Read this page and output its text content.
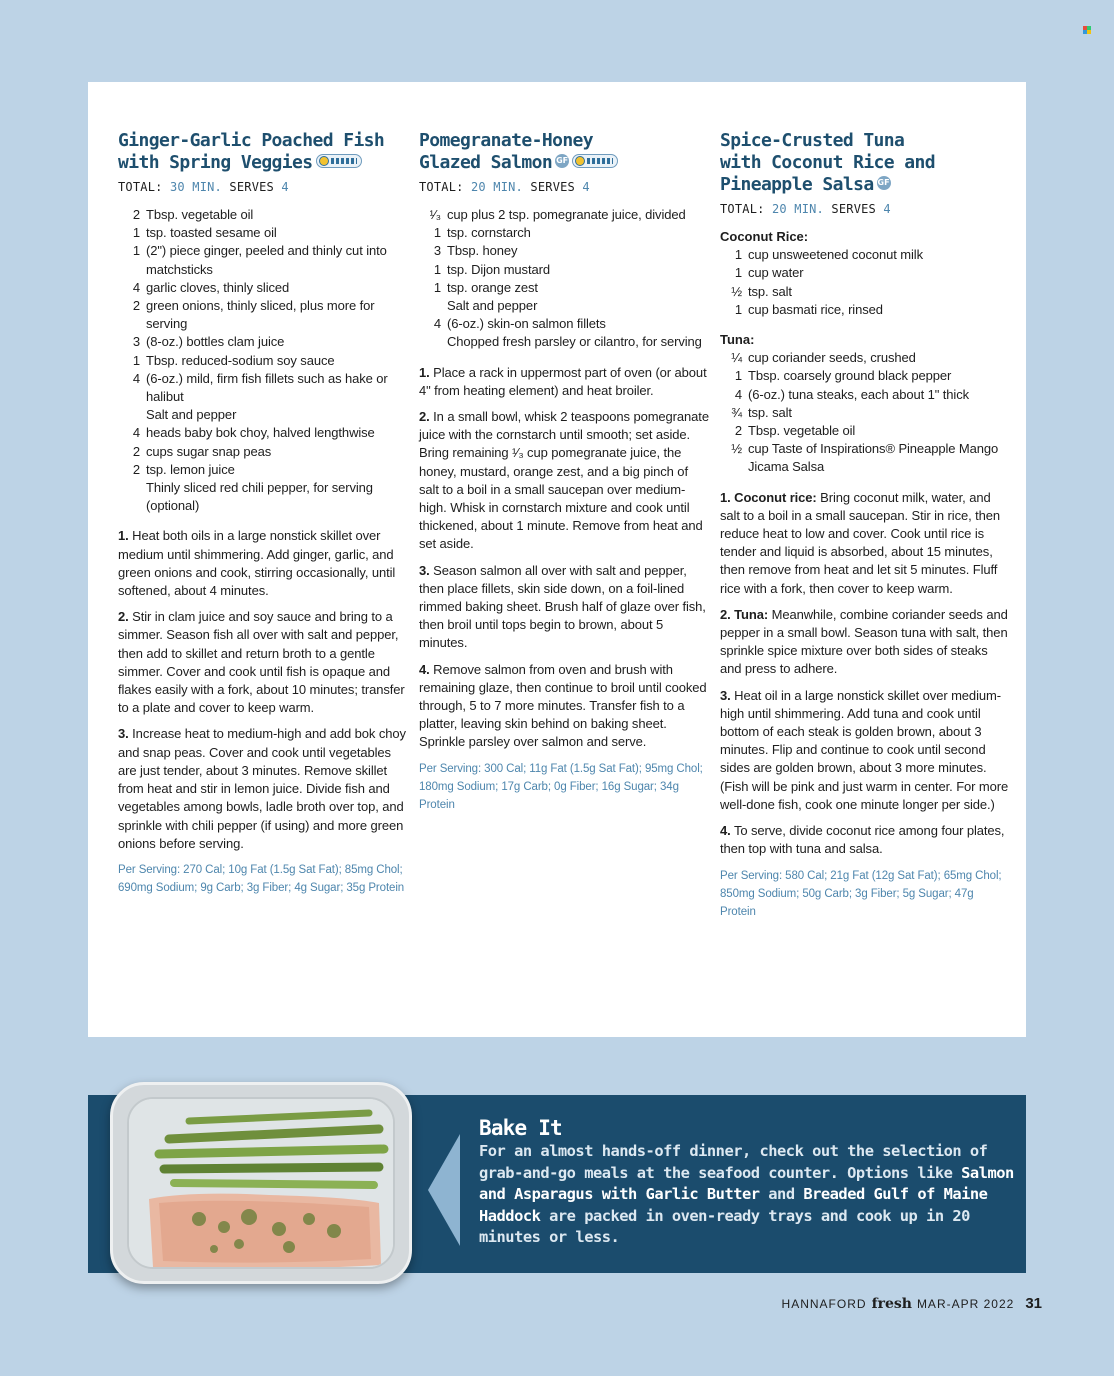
Ginger-Garlic Poached Fish
with Spring Veggies
TOTAL: 30 MIN. SERVES 4
2 Tbsp. vegetable oil
1 tsp. toasted sesame oil
1 (2") piece ginger, peeled and thinly cut into matchsticks
4 garlic cloves, thinly sliced
2 green onions, thinly sliced, plus more for serving
3 (8-oz.) bottles clam juice
1 Tbsp. reduced-sodium soy sauce
4 (6-oz.) mild, firm fish fillets such as hake or halibut
Salt and pepper
4 heads baby bok choy, halved lengthwise
2 cups sugar snap peas
2 tsp. lemon juice
Thinly sliced red chili pepper, for serving (optional)

1. Heat both oils in a large nonstick skillet over medium until shimmering. Add ginger, garlic, and green onions and cook, stirring occasionally, until softened, about 4 minutes.

2. Stir in clam juice and soy sauce and bring to a simmer. Season fish all over with salt and pepper, then add to skillet and return broth to a gentle simmer. Cover and cook until fish is opaque and flakes easily with a fork, about 10 minutes; transfer to a plate and cover to keep warm.

3. Increase heat to medium-high and add bok choy and snap peas. Cover and cook until vegetables are just tender, about 3 minutes. Remove skillet from heat and stir in lemon juice. Divide fish and vegetables among bowls, ladle broth over top, and sprinkle with chili pepper (if using) and more green onions before serving.

Per Serving: 270 Cal; 10g Fat (1.5g Sat Fat); 85mg Chol; 690mg Sodium; 9g Carb; 3g Fiber; 4g Sugar; 35g Protein

Pomegranate-Honey
Glazed Salmon GF
TOTAL: 20 MIN. SERVES 4
¹⁄₃ cup plus 2 tsp. pomegranate juice, divided
1 tsp. cornstarch
3 Tbsp. honey
1 tsp. Dijon mustard
1 tsp. orange zest
Salt and pepper
4 (6-oz.) skin-on salmon fillets
Chopped fresh parsley or cilantro, for serving

1. Place a rack in uppermost part of oven (or about 4" from heating element) and heat broiler.

2. In a small bowl, whisk 2 teaspoons pomegranate juice with the cornstarch until smooth; set aside. Bring remaining ¹⁄₃ cup pomegranate juice, the honey, mustard, orange zest, and a big pinch of salt to a boil in a small saucepan over medium-high. Whisk in cornstarch mixture and cook until thickened, about 1 minute. Remove from heat and set aside.

3. Season salmon all over with salt and pepper, then place fillets, skin side down, on a foil-lined rimmed baking sheet. Brush half of glaze over fish, then broil until tops begin to brown, about 5 minutes.

4. Remove salmon from oven and brush with remaining glaze, then continue to broil until cooked through, 5 to 7 more minutes. Transfer fish to a platter, leaving skin behind on baking sheet. Sprinkle parsley over salmon and serve.

Per Serving: 300 Cal; 11g Fat (1.5g Sat Fat); 95mg Chol; 180mg Sodium; 17g Carb; 0g Fiber; 16g Sugar; 34g Protein

Spice-Crusted Tuna
with Coconut Rice and
Pineapple Salsa GF
TOTAL: 20 MIN. SERVES 4

Coconut Rice:

1 cup unsweetened coconut milk
1 cup water
½ tsp. salt
1 cup basmati rice, rinsed

Tuna:

¼ cup coriander seeds, crushed
1 Tbsp. coarsely ground black pepper
4 (6-oz.) tuna steaks, each about 1" thick
¾ tsp. salt
2 Tbsp. vegetable oil
½ cup Taste of Inspirations® Pineapple Mango Jicama Salsa

1. Coconut rice: Bring coconut milk, water, and salt to a boil in a small saucepan. Stir in rice, then reduce heat to low and cover. Cook until rice is tender and liquid is absorbed, about 15 minutes, then remove from heat and let sit 5 minutes. Fluff rice with a fork, then cover to keep warm.

2. Tuna: Meanwhile, combine coriander seeds and pepper in a small bowl. Season tuna with salt, then sprinkle spice mixture over both sides of steaks and press to adhere.

3. Heat oil in a large nonstick skillet over medium-high until shimmering. Add tuna and cook until bottom of each steak is golden brown, about 3 minutes. Flip and continue to cook until second sides are golden brown, about 3 more minutes. (Fish will be pink and just warm in center. For more well-done fish, cook one minute longer per side.)

4. To serve, divide coconut rice among four plates, then top with tuna and salsa.

Per Serving: 580 Cal; 21g Fat (12g Sat Fat); 65mg Chol; 850mg Sodium; 50g Carb; 3g Fiber; 5g Sugar; 47g Protein

Bake It

For an almost hands-off dinner, check out the selection of grab-and-go meals at the seafood counter. Options like Salmon and Asparagus with Garlic Butter and Breaded Gulf of Maine Haddock are packed in oven-ready trays and cook up in 20 minutes or less.

HANNAFORD fresh MAR-APR 2022 31
